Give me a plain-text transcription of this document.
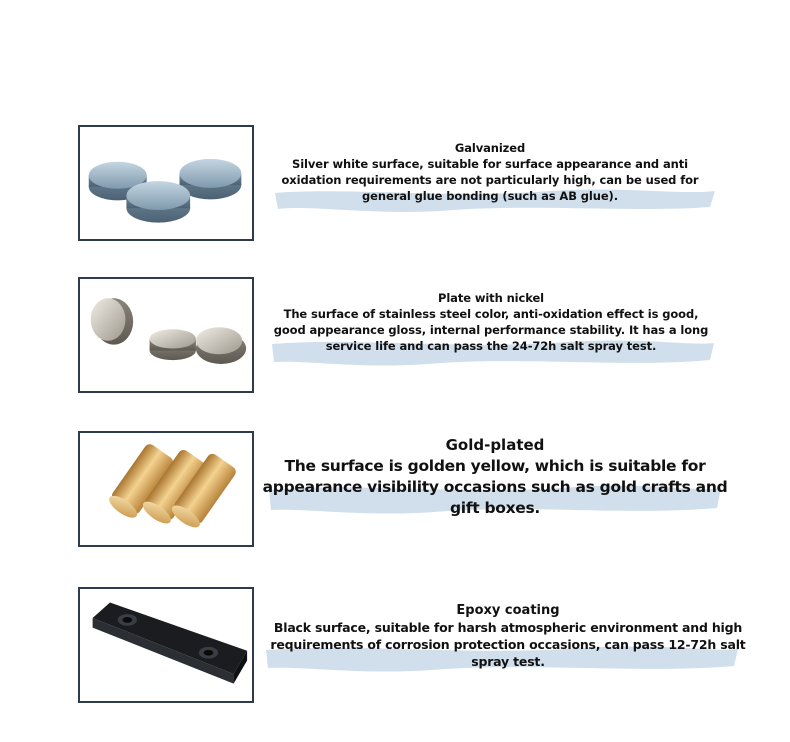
Galvanized
Silver white surface, suitable for surface appearance and anti oxidation requirements are not particularly high, can be used for general glue bonding (such as AB glue).
Plate with nickel
The surface of stainless steel color, anti-oxidation effect is good, good appearance gloss, internal performance stability. It has a long service life and can pass the 24-72h salt spray test.
Gold-plated
The surface is golden yellow, which is suitable for appearance visibility occasions such as gold crafts and gift boxes.
Epoxy coating
Black surface, suitable for harsh atmospheric environment and high requirements of corrosion protection occasions, can pass 12-72h salt spray test.
